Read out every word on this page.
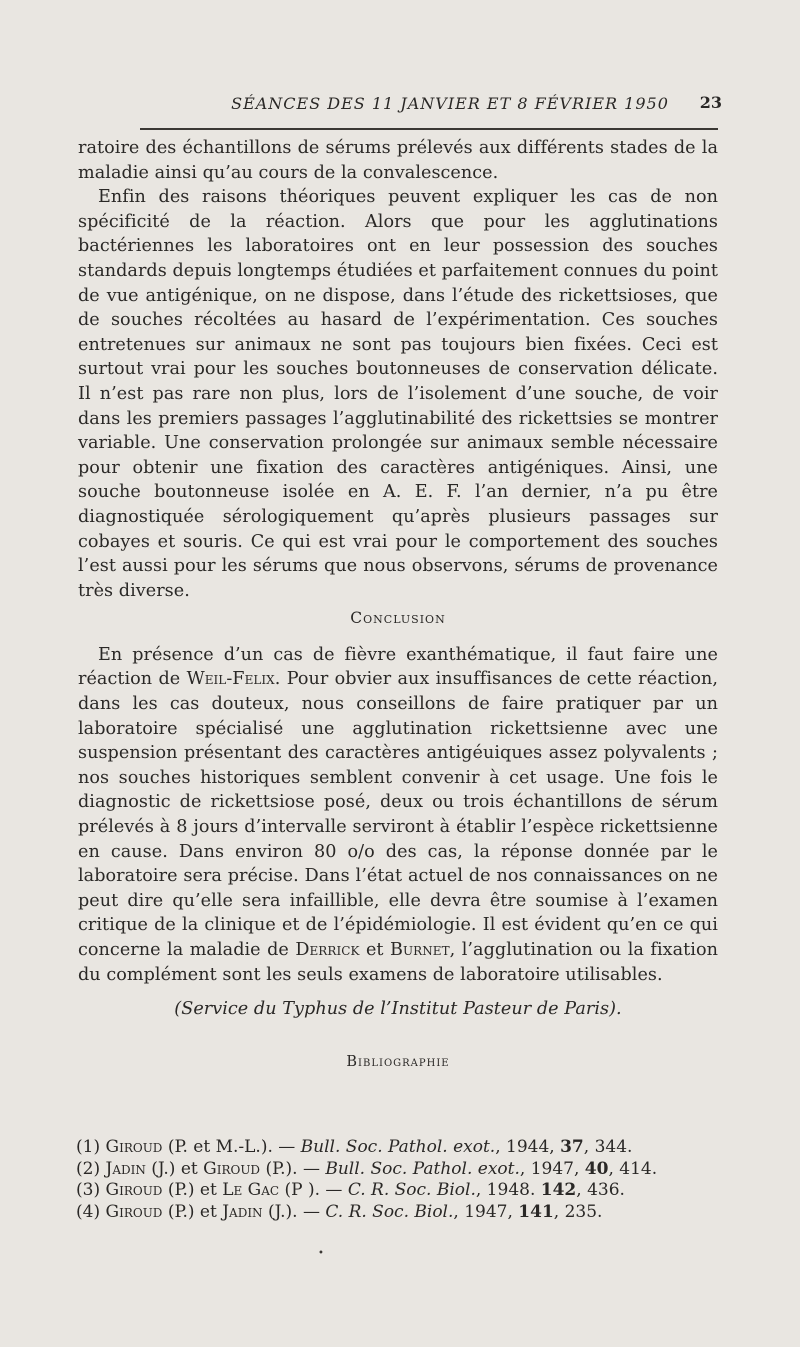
SÉANCES DES 11 JANVIER ET 8 FÉVRIER 1950	23

ratoire des échantillons de sérums prélevés aux différents stades de la maladie ainsi qu’au cours de la convalescence.

Enfin des raisons théoriques peuvent expliquer les cas de non spécificité de la réaction. Alors que pour les agglutinations bactériennes les laboratoires ont en leur possession des souches standards depuis longtemps étudiées et parfaitement connues du point de vue antigénique, on ne dispose, dans l’étude des rickettsioses, que de souches récoltées au hasard de l’expérimentation. Ces souches entretenues sur animaux ne sont pas toujours bien fixées. Ceci est surtout vrai pour les souches boutonneuses de conservation délicate. Il n’est pas rare non plus, lors de l’isolement d’une souche, de voir dans les premiers passages l’agglutinabilité des rickettsies se montrer variable. Une conservation prolongée sur animaux semble nécessaire pour obtenir une fixation des caractères antigéniques. Ainsi, une souche boutonneuse isolée en A. E. F. l’an dernier, n’a pu être diagnostiquée sérologiquement qu’après plusieurs passages sur cobayes et souris. Ce qui est vrai pour le comportement des souches l’est aussi pour les sérums que nous observons, sérums de provenance très diverse.

Conclusion

En présence d’un cas de fièvre exanthématique, il faut faire une réaction de Weil-Felix. Pour obvier aux insuffisances de cette réaction, dans les cas douteux, nous conseillons de faire pratiquer par un laboratoire spécialisé une agglutination rickettsienne avec une suspension présentant des caractères antigéuiques assez polyvalents ; nos souches historiques semblent convenir à cet usage. Une fois le diagnostic de rickettsiose posé, deux ou trois échantillons de sérum prélevés à 8 jours d’intervalle serviront à établir l’espèce rickettsienne en cause. Dans environ 80 o/o des cas, la réponse donnée par le laboratoire sera précise. Dans l’état actuel de nos connaissances on ne peut dire qu’elle sera infaillible, elle devra être soumise à l’examen critique de la clinique et de l’épidémiologie. Il est évident qu’en ce qui concerne la maladie de Derrick et Burnet, l’agglutination ou la fixation du complément sont les seuls examens de laboratoire utilisables.

(Service du Typhus de l’Institut Pasteur de Paris).

Bibliographie

(1) Giroud (P. et M.-L.). — Bull. Soc. Pathol. exot., 1944, 37, 344.
(2) Jadin (J.) et Giroud (P.). — Bull. Soc. Pathol. exot., 1947, 40, 414.
(3) Giroud (P.) et Le Gac (P ). — C. R. Soc. Biol., 1948. 142, 436.
(4) Giroud (P.) et Jadin (J.). — C. R. Soc. Biol., 1947, 141, 235.
•
